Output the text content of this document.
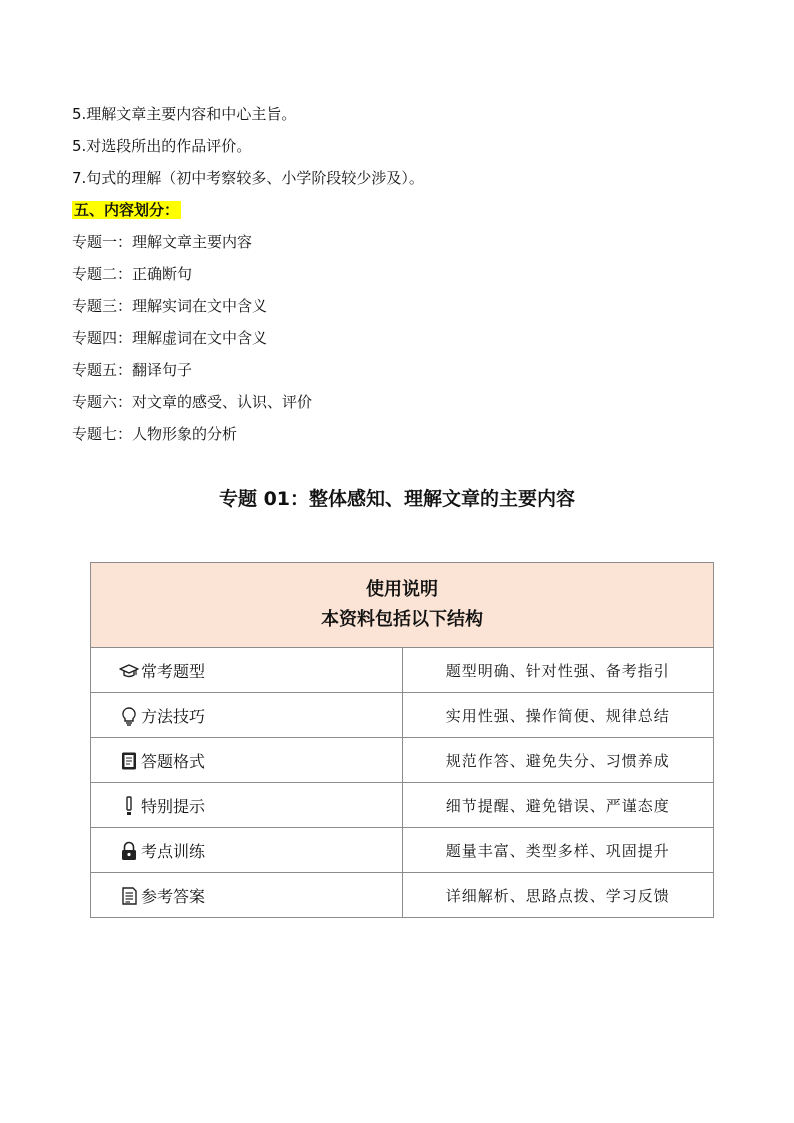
5.理解文章主要内容和中心主旨。
5.对选段所出的作品评价。
7.句式的理解（初中考察较多、小学阶段较少涉及）。
五、内容划分：
专题一：理解文章主要内容
专题二：正确断句
专题三：理解实词在文中含义
专题四：理解虚词在文中含义
专题五：翻译句子
专题六：对文章的感受、认识、评价
专题七：人物形象的分析
专题 01：整体感知、理解文章的主要内容
使用说明
本资料包括以下结构	

常考题型	题型明确、针对性强、备考指引

方法技巧	实用性强、操作简便、规律总结

答题格式	规范作答、避免失分、习惯养成

特别提示	细节提醒、避免错误、严谨态度

考点训练	题量丰富、类型多样、巩固提升

参考答案	详细解析、思路点拨、学习反馈
